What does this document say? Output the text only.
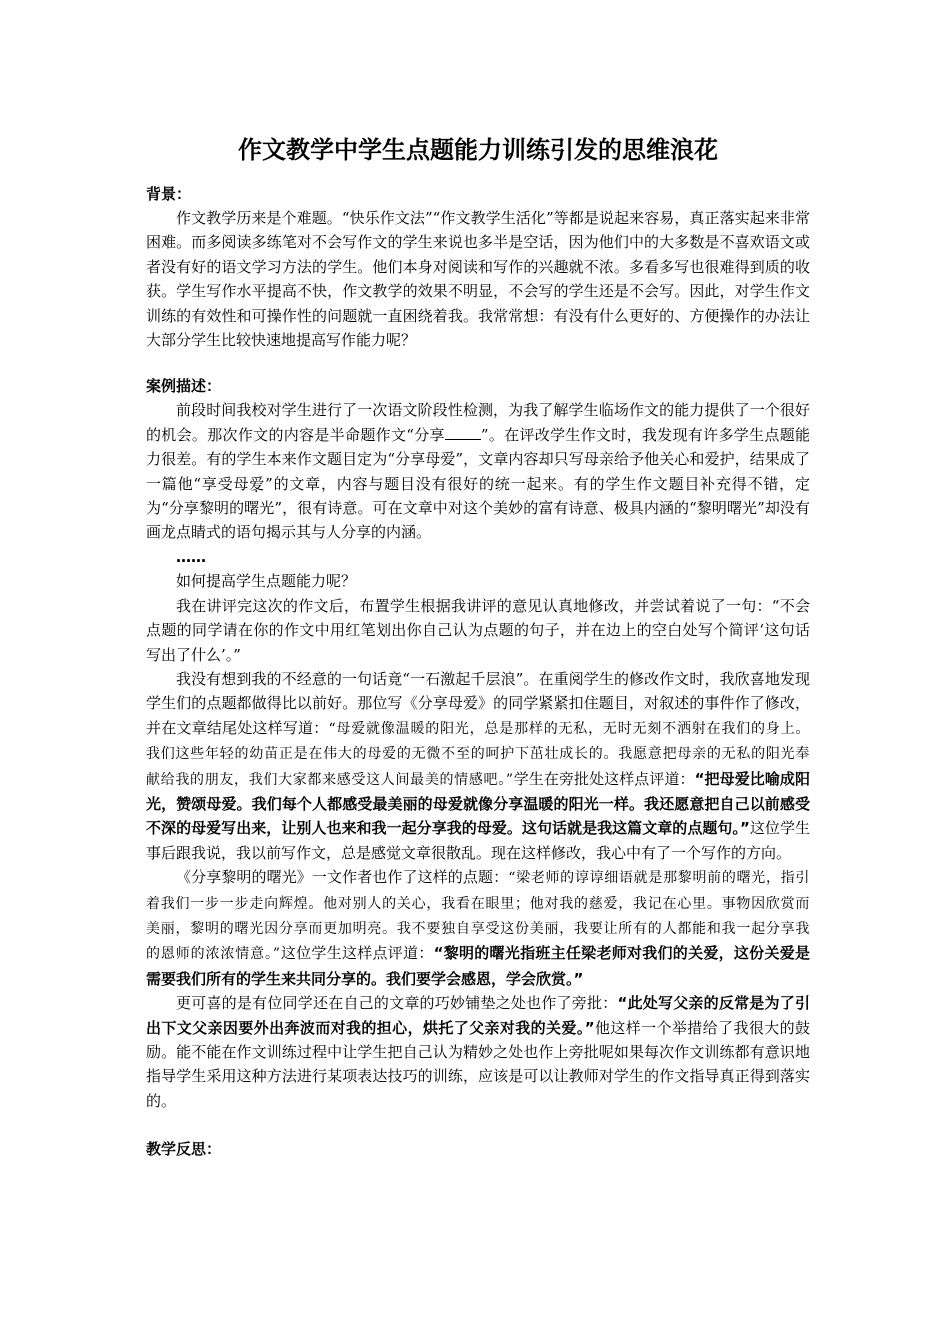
作文教学中学生点题能力训练引发的思维浪花
背景：

作文教学历来是个难题。“快乐作文法”“作文教学生活化”等都是说起来容易，真正落实起来非常困难。而多阅读多练笔对不会写作文的学生来说也多半是空话，因为他们中的大多数是不喜欢语文或者没有好的语文学习方法的学生。他们本身对阅读和写作的兴趣就不浓。多看多写也很难得到质的收获。学生写作水平提高不快，作文教学的效果不明显，不会写的学生还是不会写。因此，对学生作文训练的有效性和可操作性的问题就一直困绕着我。我常常想：有没有什么更好的、方便操作的办法让大部分学生比较快速地提高写作能力呢？

案例描述：

前段时间我校对学生进行了一次语文阶段性检测，为我了解学生临场作文的能力提供了一个很好的机会。那次作文的内容是半命题作文“分享 ”。在评改学生作文时，我发现有许多学生点题能力很差。有的学生本来作文题目定为“分 ·享母爱”，文章内容却只写母亲给予他关心和爱护，结果成了一篇他“享受 ·母爱”的文章，内容与题目没有很好的统一起来。有的学生作文题目补充得不错，定为“分享黎明的曙光”，很有诗意。可在文章中对这个美妙的富有诗意、极具内涵的“黎明曙光”却没有画龙点睛式的语句揭示其与人分享的内涵。

……

如何提高学生点题能力呢？

我在讲评完这次的作文后，布置学生根据我讲评的意见认真地修改，并尝试着说了一句：“不会点题的同学请在你的作文中用红笔划出你自己认为点题的句子，并在边上的空白处写个简评‘这句话写出了什么’。”

我没有想到我的不经意的一句话竟“一石激起千层浪”。在重阅学生的修改作文时，我欣喜地发现学生们的点题都做得比以前好。那位写《分享母爱》的同学紧紧扣住题目，对叙述的事件作了修改，并在文章结尾处这样写道：“母爱就像温暖的阳光，总是那样的无私，无时无刻不洒射在我们的身上。我们这些年轻的幼苗正是在伟大的母爱的无微不至的呵护下茁壮成长的。我愿意把母亲的无私的阳光奉献给我的朋友，我们大家都来感受这人间最美的情感吧。”学生在旁批处这样点评道：“把母爱比喻成阳光，赞颂母爱。我们每个人都感受最美丽的母爱就像分享温暖的阳光一样。我还愿意把自己以前感受不深的母爱写出来，让别人也来和我一起分享我的母爱。这句话就是我这篇文章的点题句。”这位学生事后跟我说，我以前写作文，总是感觉文章很散乱。现在这样修改，我心中有了一个写作的方向。

《分享黎明的曙光》一文作者也作了这样的点题：“梁老师的谆谆细语就是那黎明前的曙光，指引着我们一步一步走向辉煌。他对别人的关心，我看在眼里；他对我的慈爱，我记在心里。事物因欣赏而美丽，黎明的曙光因分享而更加明亮。我不要独自享受这份美丽，我要让所有的人都能和我一起分享我的恩师的浓浓情意。”这位学生这样点评道：“黎明的曙光指班主任梁老师对我们的关爱，这份关爱是需要我们所有的学生来共同分享的。我们要学会感恩，学会欣赏。”

更可喜的是有位同学还在自己的文章的巧妙铺垫之处也作了旁批：“此处写父亲的反常是为了引出下文父亲因要外出奔波而对我的担心，烘托了父亲对我的关爱。”他这样一个举措给了我很大的鼓励。能不能在作文训练过程中让学生把自己认为精妙之处也作上旁批呢如果每次作文训练都有意识地指导学生采用这种方法进行某项表达技巧的训练，应该是可以让教师对学生的作文指导真正得到落实的。

教学反思：
